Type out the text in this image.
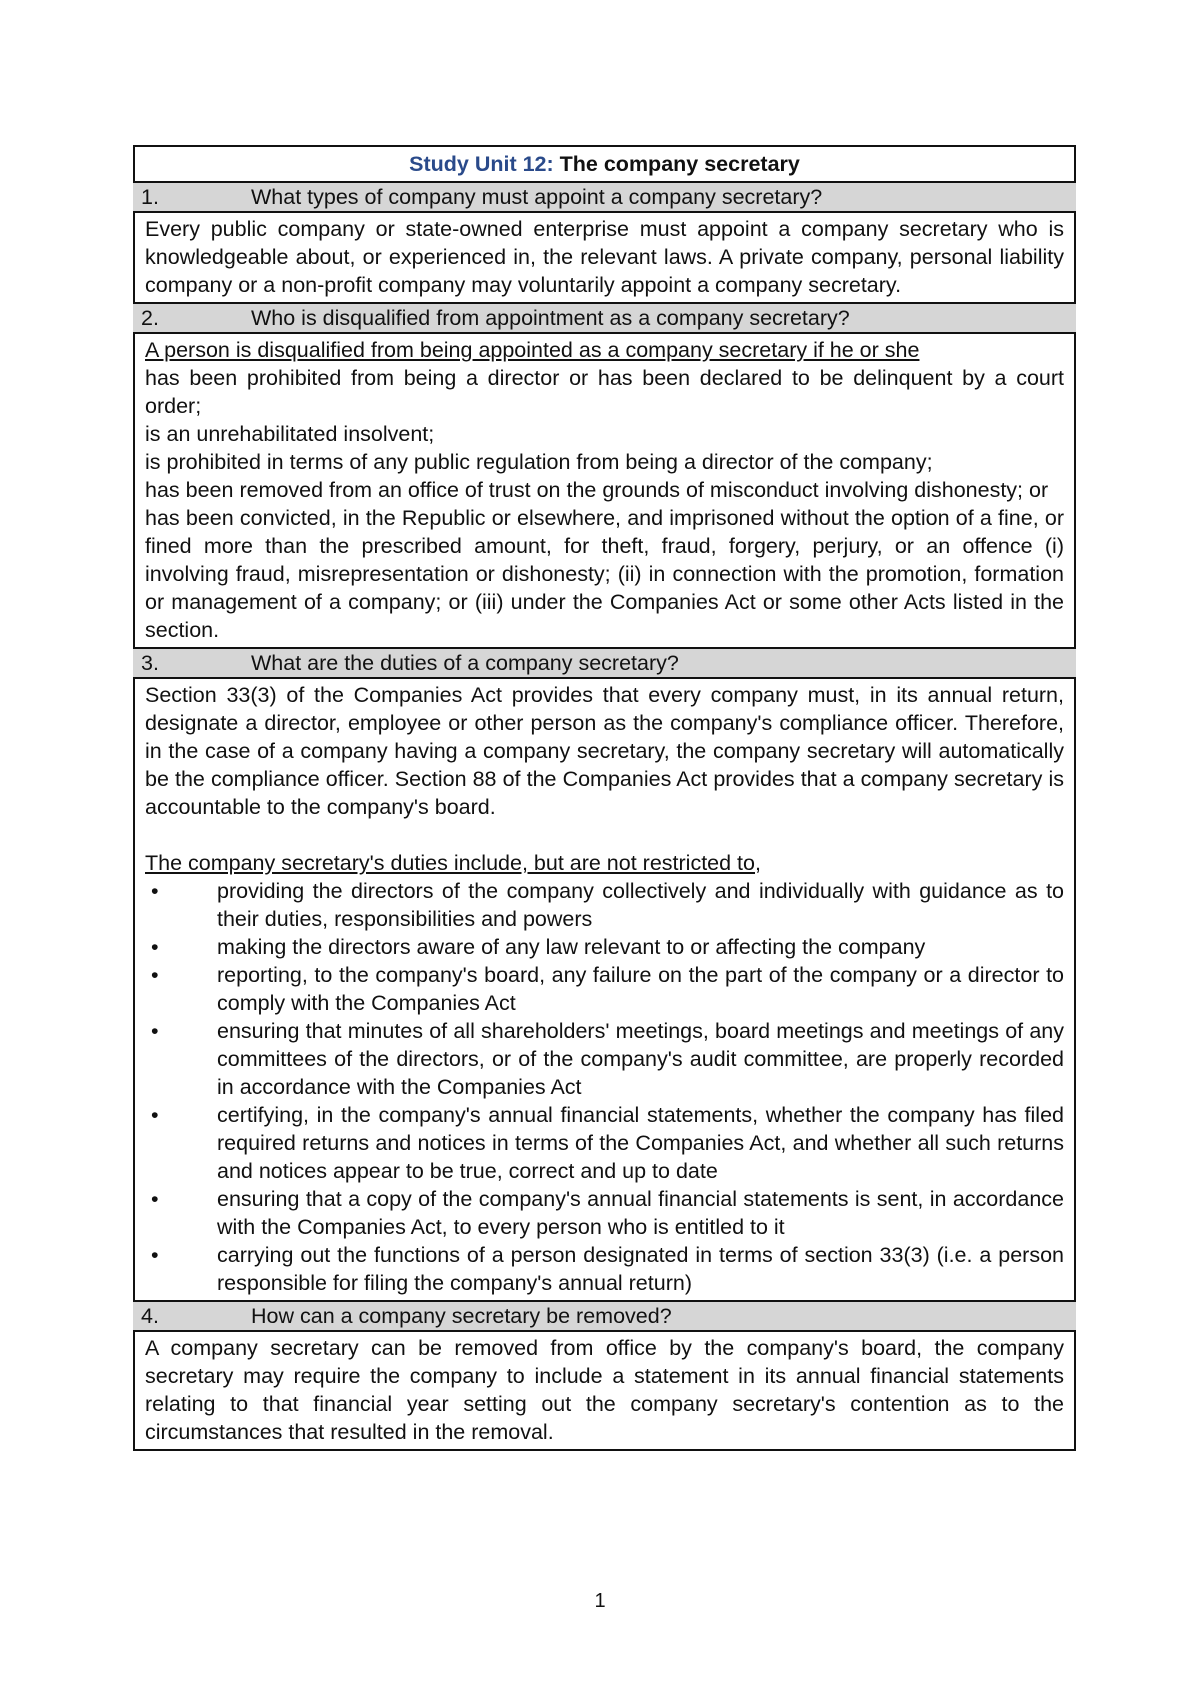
Study Unit 12: The company secretary
1.	What types of company must appoint a company secretary?

Every public company or state-owned enterprise must appoint a company secretary who is knowledgeable about, or experienced in, the relevant laws. A private company, personal liability company or a non-profit company may voluntarily appoint a company secretary.

2.	Who is disqualified from appointment as a company secretary?

A person is disqualified from being appointed as a company secretary if he or she

has been prohibited from being a director or has been declared to be delinquent by a court order;

is an unrehabilitated insolvent;

is prohibited in terms of any public regulation from being a director of the company;

has been removed from an office of trust on the grounds of misconduct involving dishonesty; or

has been convicted, in the Republic or elsewhere, and imprisoned without the option of a fine, or fined more than the prescribed amount, for theft, fraud, forgery, perjury, or an offence (i) involving fraud, misrepresentation or dishonesty; (ii) in connection with the promotion, formation or management of a company; or (iii) under the Companies Act or some other Acts listed in the section.

3.	What are the duties of a company secretary?

Section 33(3) of the Companies Act provides that every company must, in its annual return, designate a director, employee or other person as the company's compliance officer. Therefore, in the case of a company having a company secretary, the company secretary will automatically be the compliance officer. Section 88 of the Companies Act provides that a company secretary is accountable to the company's board.

The company secretary's duties include, but are not restricted to,

•	providing the directors of the company collectively and individually with guidance as to their duties, responsibilities and powers
•	making the directors aware of any law relevant to or affecting the company
•	reporting, to the company's board, any failure on the part of the company or a director to comply with the Companies Act
•	ensuring that minutes of all shareholders' meetings, board meetings and meetings of any committees of the directors, or of the company's audit committee, are properly recorded in accordance with the Companies Act
•	certifying, in the company's annual financial statements, whether the company has filed required returns and notices in terms of the Companies Act, and whether all such returns and notices appear to be true, correct and up to date
•	ensuring that a copy of the company's annual financial statements is sent, in accordance with the Companies Act, to every person who is entitled to it
•	carrying out the functions of a person designated in terms of section 33(3) (i.e. a person responsible for filing the company's annual return)
4.	How can a company secretary be removed?

A company secretary can be removed from office by the company's board, the company secretary may require the company to include a statement in its annual financial statements relating to that financial year setting out the company secretary's contention as to the circumstances that resulted in the removal.

1
